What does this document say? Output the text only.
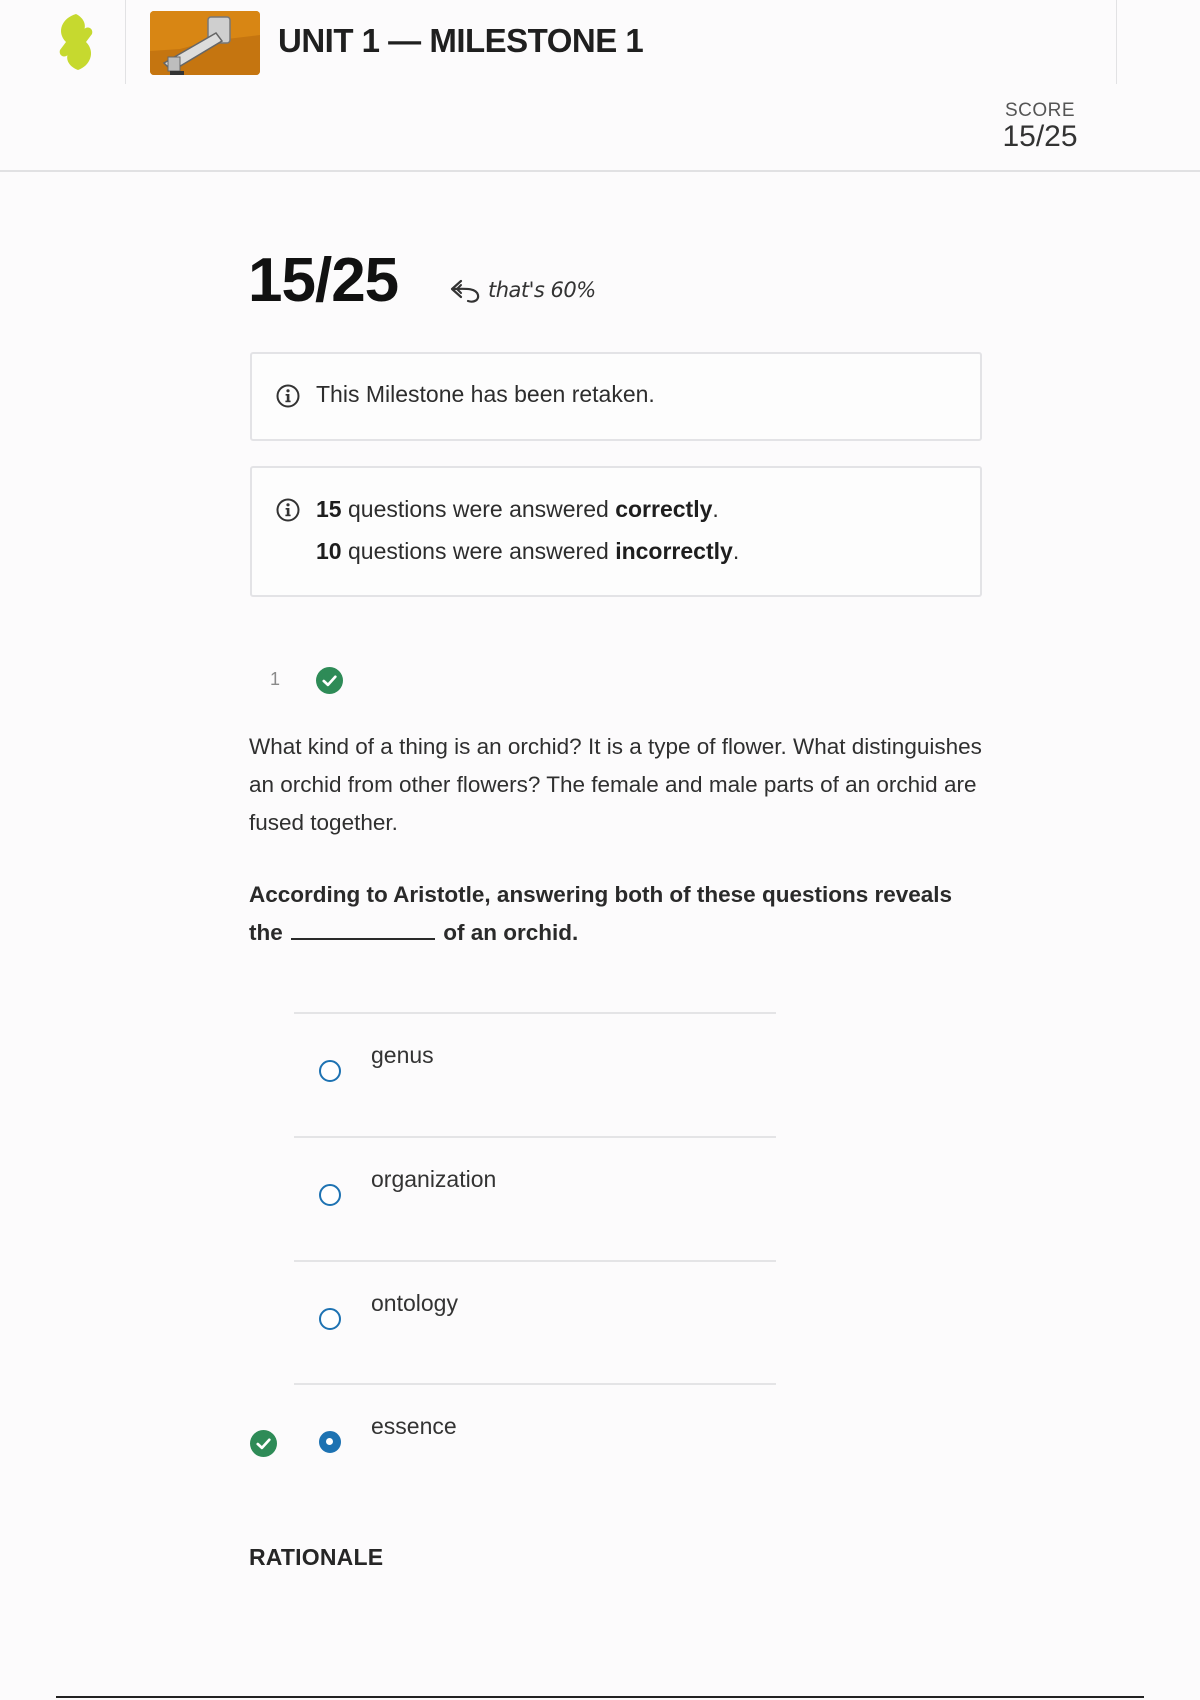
UNIT 1 — MILESTONE 1
SCORE
15/25
15/25	that's 60%
This Milestone has been retaken.
15 questions were answered correctly.
10 questions were answered incorrectly.
1
What kind of a thing is an orchid? It is a type of flower. What distinguishes an orchid from other flowers? The female and male parts of an orchid are fused together.
According to Aristotle, answering both of these questions reveals the	of an orchid.
genus
organization
ontology
essence
RATIONALE
